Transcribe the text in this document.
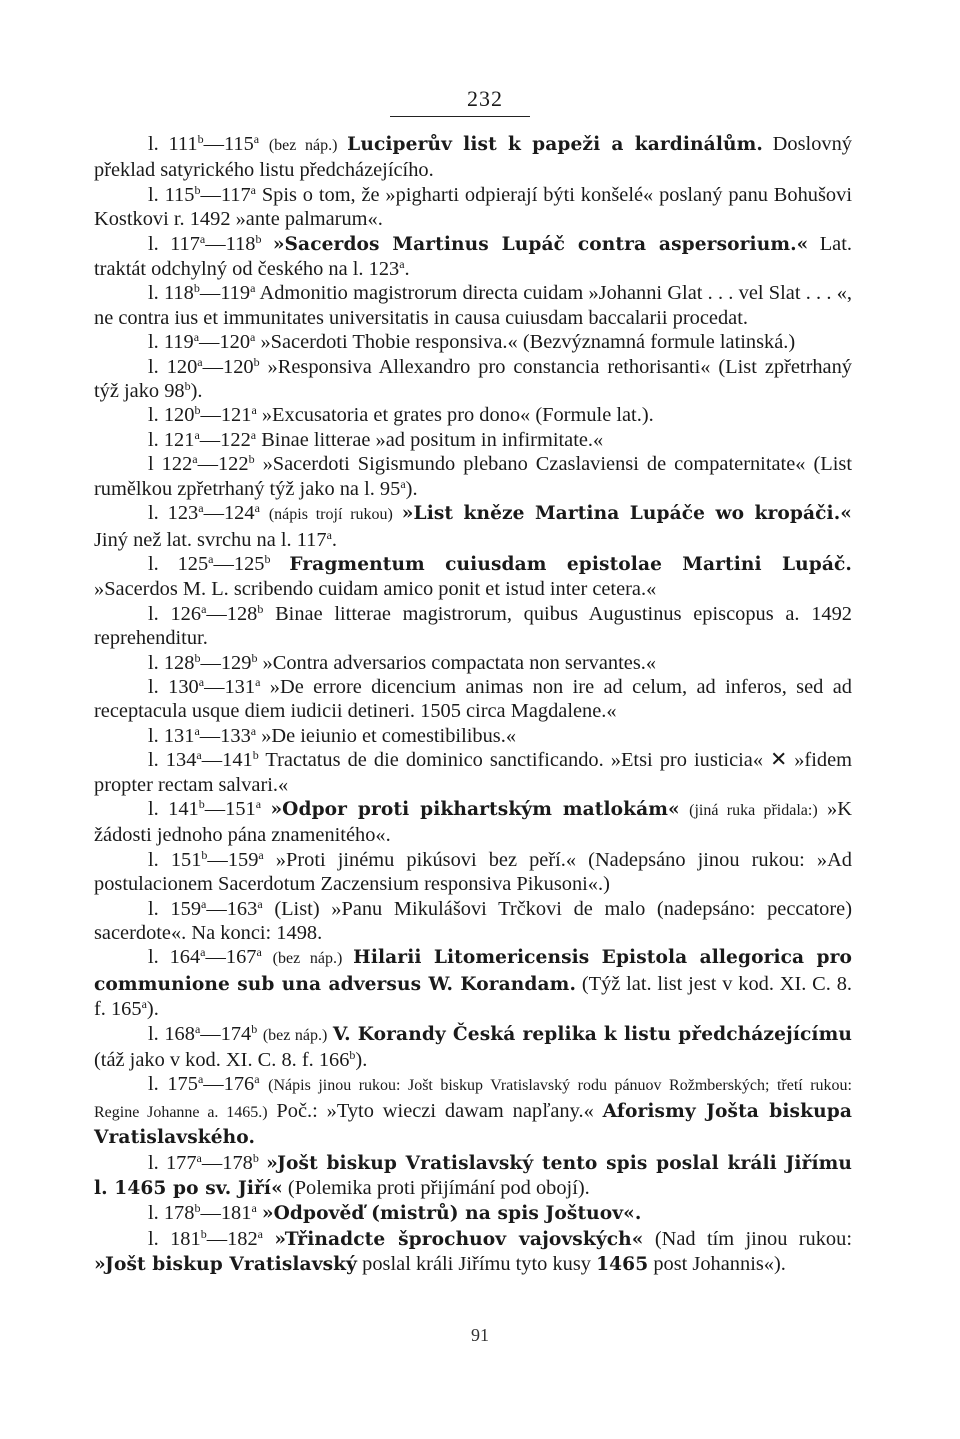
232

l. 111$^b$—115$^a$ (bez náp.) Luciperův list k papeži a kardinálům. Doslovný překlad satyrického listu předcházejícího.

l. 115$^b$—117$^a$ Spis o tom, že »pigharti odpierají býti konšelé« poslaný panu Bohušovi Kostkovi r. 1492 »ante palmarum«.

l. 117$^a$—118$^b$ »Sacerdos Martinus Lupáč contra aspersorium.« Lat. traktát odchylný od českého na l. 123$^a$.

l. 118$^b$—119$^a$ Admonitio magistrorum directa cuidam »Johanni Glat . . . vel Slat . . . «, ne contra ius et immunitates universitatis in causa cuiusdam baccalarii procedat.

l. 119$^a$—120$^a$ »Sacerdoti Thobie responsiva.« (Bezvýznamná formule latinská.)

l. 120$^a$—120$^b$ »Responsiva Allexandro pro constancia rethorisanti« (List zpřetrhaný týž jako 98$^b$).

l. 120$^b$—121$^a$ »Excusatoria et grates pro dono« (Formule lat.).

l. 121$^a$—122$^a$ Binae litterae »ad positum in infirmitate.«

l 122$^a$—122$^b$ »Sacerdoti Sigismundo plebano Czaslaviensi de compaternitate« (List rumělkou zpřetrhaný týž jako na l. 95$^a$).

l. 123$^a$—124$^a$ (nápis trojí rukou) »List kněze Martina Lupáče wo kropáči.« Jiný než lat. svrchu na l. 117$^a$.

l. 125$^a$—125$^b$ Fragmentum cuiusdam epistolae Martini Lupáč. »Sacerdos M. L. scribendo cuidam amico ponit et istud inter cetera.«

l. 126$^a$—128$^b$ Binae litterae magistrorum, quibus Augustinus episcopus a. 1492 reprehenditur.

l. 128$^b$—129$^b$ »Contra adversarios compactata non servantes.«

l. 130$^a$—131$^a$ »De errore dicencium animas non ire ad celum, ad inferos, sed ad receptacula usque diem iudicii detineri. 1505 circa Magdalene.«

l. 131$^a$—133$^a$ »De ieiunio et comestibilibus.«

l. 134$^a$—141$^b$ Tractatus de die dominico sanctificando. »Etsi pro iusticia« ✕ »fidem propter rectam salvari.«

l. 141$^b$—151$^a$ »Odpor proti pikhartským matlokám« (jiná ruka přidala:) »K žádosti jednoho pána znamenitého«.

l. 151$^b$—159$^a$ »Proti jinému pikúsovi bez peří.« (Nadepsáno jinou rukou: »Ad postulacionem Sacerdotum Zaczensium responsiva Pikusoni«.)

l. 159$^a$—163$^a$ (List) »Panu Mikulášovi Trčkovi de malo (nadepsáno: peccatore) sacerdote«. Na konci: 1498.

l. 164$^a$—167$^a$ (bez náp.) Hilarii Litomericensis Epistola allegorica pro communione sub una adversus W. Korandam. (Týž lat. list jest v kod. XI. C. 8. f. 165$^a$).

l. 168$^a$—174$^b$ (bez náp.) V. Korandy Česká replika k listu předcházejícímu (táž jako v kod. XI. C. 8. f. 166$^b$).

l. 175$^a$—176$^a$ (Nápis jinou rukou: Jošt biskup Vratislavský rodu pánuov Rožmberských; třetí rukou: Regine Johanne a. 1465.) Poč.: »Tyto wieczi dawam napľany.« Aforismy Jošta biskupa Vratislavského.

l. 177$^a$—178$^b$ »Jošt biskup Vratislavský tento spis poslal králi Jiřímu l. 1465 po sv. Jiří« (Polemika proti přijímání pod obojí).

l. 178$^b$—181$^a$ »Odpověď (mistrů) na spis Joštuov«.

l. 181$^b$—182$^a$ »Třinadcte šprochuov vajovských« (Nad tím jinou rukou: »Jošt biskup Vratislavský poslal králi Jiřímu tyto kusy 1465 post Johannis«).

91
